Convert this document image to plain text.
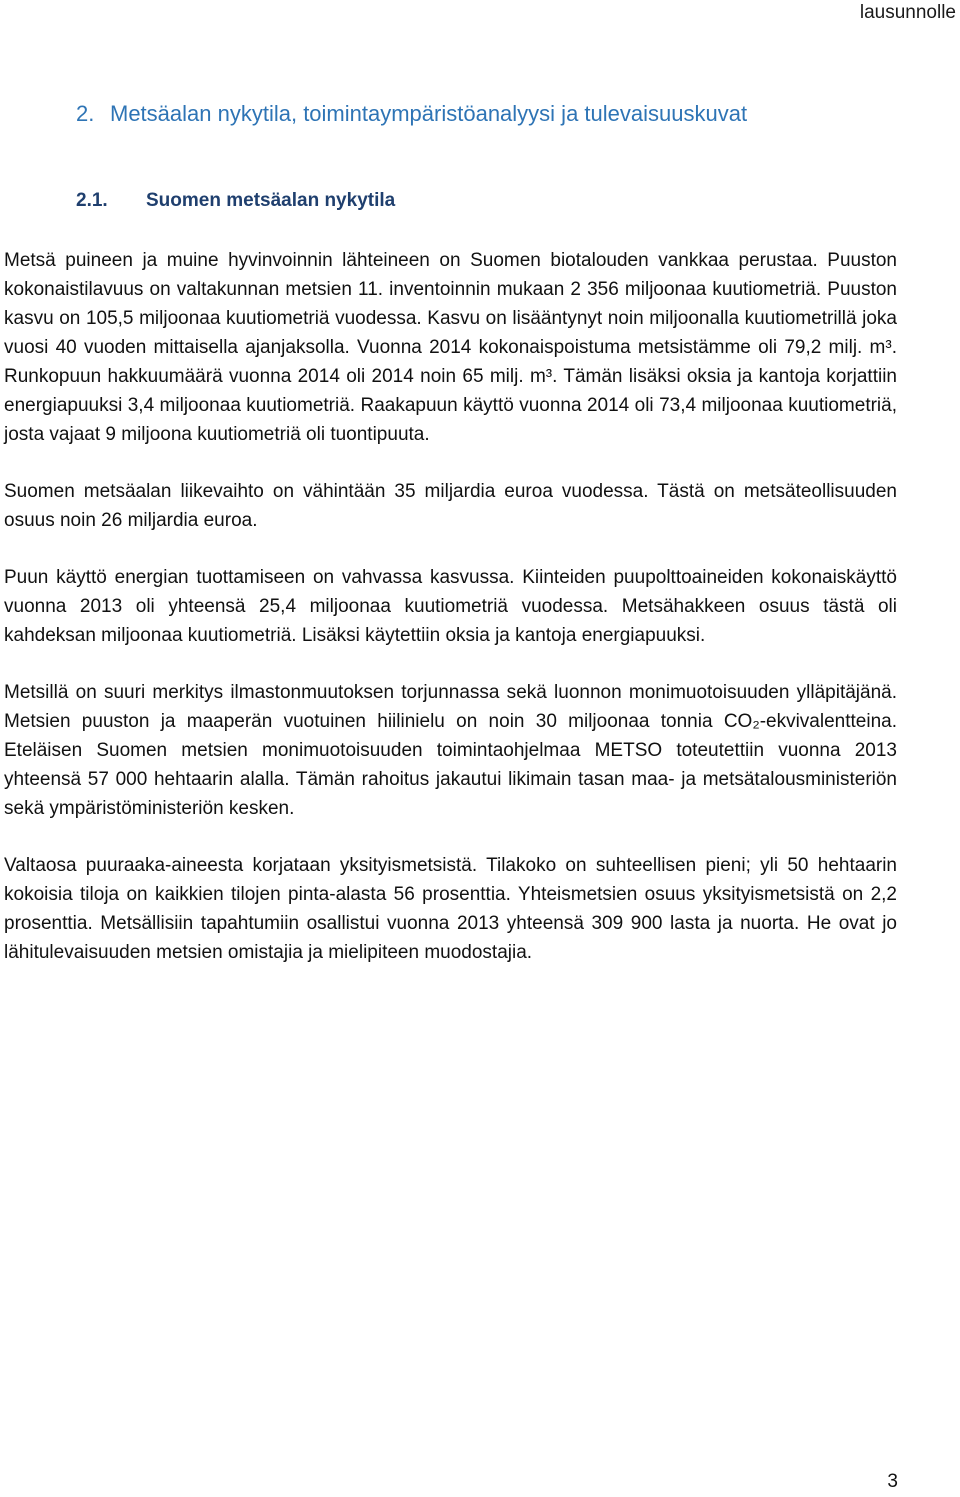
lausunnolle
2. Metsäalan nykytila, toimintaympäristöanalyysi ja tulevaisuuskuvat
2.1. Suomen metsäalan nykytila

Metsä puineen ja muine hyvinvoinnin lähteineen on Suomen biotalouden vankkaa perustaa. Puuston kokonaistilavuus on valtakunnan metsien 11. inventoinnin mukaan 2 356 miljoonaa kuutiometriä. Puuston kasvu on 105,5 miljoonaa kuutiometriä vuodessa. Kasvu on lisääntynyt noin miljoonalla kuutiometrillä joka vuosi 40 vuoden mittaisella ajanjaksolla. Vuonna 2014 kokonaispoistuma metsistämme oli 79,2 milj. m³. Runkopuun hakkuumäärä vuonna 2014 oli 2014 noin 65 milj. m³. Tämän lisäksi oksia ja kantoja korjattiin energiapuuksi 3,4 miljoonaa kuutiometriä. Raakapuun käyttö vuonna 2014 oli 73,4 miljoonaa kuutiometriä, josta vajaat 9 miljoona kuutiometriä oli tuontipuuta.

Suomen metsäalan liikevaihto on vähintään 35 miljardia euroa vuodessa. Tästä on metsäteollisuuden osuus noin 26 miljardia euroa.

Puun käyttö energian tuottamiseen on vahvassa kasvussa. Kiinteiden puupolttoaineiden kokonaiskäyttö vuonna 2013 oli yhteensä 25,4 miljoonaa kuutiometriä vuodessa. Metsähakkeen osuus tästä oli kahdeksan miljoonaa kuutiometriä. Lisäksi käytettiin oksia ja kantoja energiapuuksi.

Metsillä on suuri merkitys ilmastonmuutoksen torjunnassa sekä luonnon monimuotoisuuden ylläpitäjänä. Metsien puuston ja maaperän vuotuinen hiilinielu on noin 30 miljoonaa tonnia CO₂-ekvivalentteina. Eteläisen Suomen metsien monimuotoisuuden toimintaohjelmaa METSO toteutettiin vuonna 2013 yhteensä 57 000 hehtaarin alalla. Tämän rahoitus jakautui likimain tasan maa- ja metsätalousministeriön sekä ympäristöministeriön kesken.

Valtaosa puuraaka-aineesta korjataan yksityismetsistä. Tilakoko on suhteellisen pieni; yli 50 hehtaarin kokoisia tiloja on kaikkien tilojen pinta-alasta 56 prosenttia. Yhteismetsien osuus yksityismetsistä on 2,2 prosenttia. Metsällisiin tapahtumiin osallistui vuonna 2013 yhteensä 309 900 lasta ja nuorta. He ovat jo lähitulevaisuuden metsien omistajia ja mielipiteen muodostajia.

3
